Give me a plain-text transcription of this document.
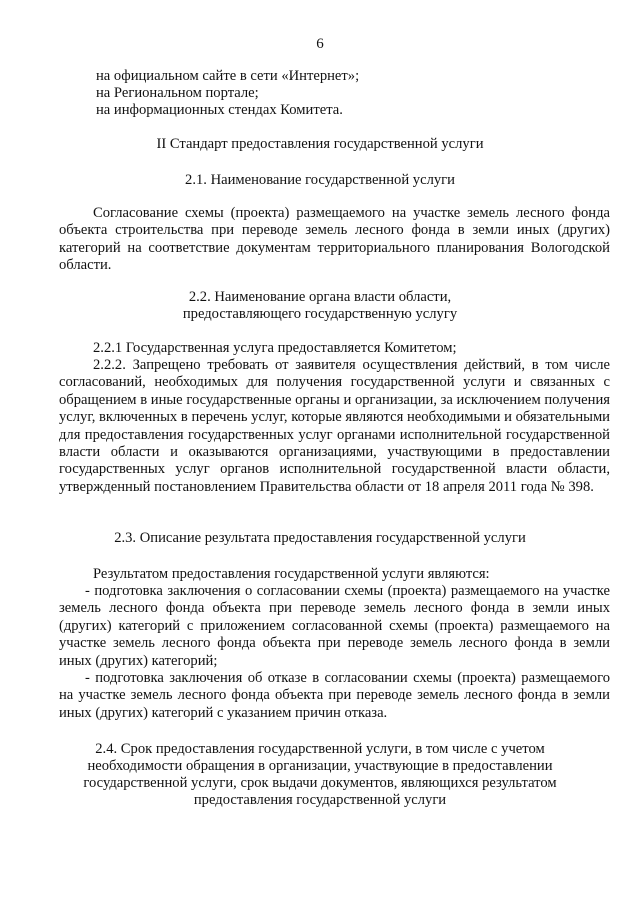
6
на официальном сайте в сети «Интернет»;
на Региональном портале;
на информационных стендах Комитета.
II Стандарт предоставления государственной услуги
2.1. Наименование государственной услуги
Согласование схемы (проекта) размещаемого на участке земель лесного фонда объекта строительства при переводе земель лесного фонда в земли иных (других) категорий на соответствие документам территориального планирования Вологодской области.
2.2. Наименование органа власти области,
предоставляющего государственную услугу
2.2.1 Государственная услуга предоставляется Комитетом;
2.2.2. Запрещено требовать от заявителя осуществления действий, в том числе согласований, необходимых для получения государственной услуги и связанных с обращением в иные государственные органы и организации, за исключением получения услуг, включенных в перечень услуг, которые являются необходимыми и обязательными для предоставления государственных услуг органами исполнительной государственной власти области и оказываются организациями, участвующими в предоставлении государственных услуг органов исполнительной государственной власти области, утвержденный постановлением Правительства области от 18 апреля 2011 года № 398.
2.3. Описание результата предоставления государственной услуги
Результатом предоставления государственной услуги являются:
- подготовка заключения о согласовании схемы (проекта) размещаемого на участке земель лесного фонда объекта при переводе земель лесного фонда в земли иных (других) категорий с приложением согласованной схемы (проекта) размещаемого на участке земель лесного фонда объекта при переводе земель лесного фонда в земли иных (других) категорий;
- подготовка заключения об отказе в согласовании схемы (проекта) размещаемого на участке земель лесного фонда объекта при переводе земель лесного фонда в земли иных (других) категорий с указанием причин отказа.
2.4. Срок предоставления государственной услуги, в том числе с учетом
необходимости обращения в организации, участвующие в предоставлении
государственной услуги, срок выдачи документов, являющихся результатом
предоставления государственной услуги
